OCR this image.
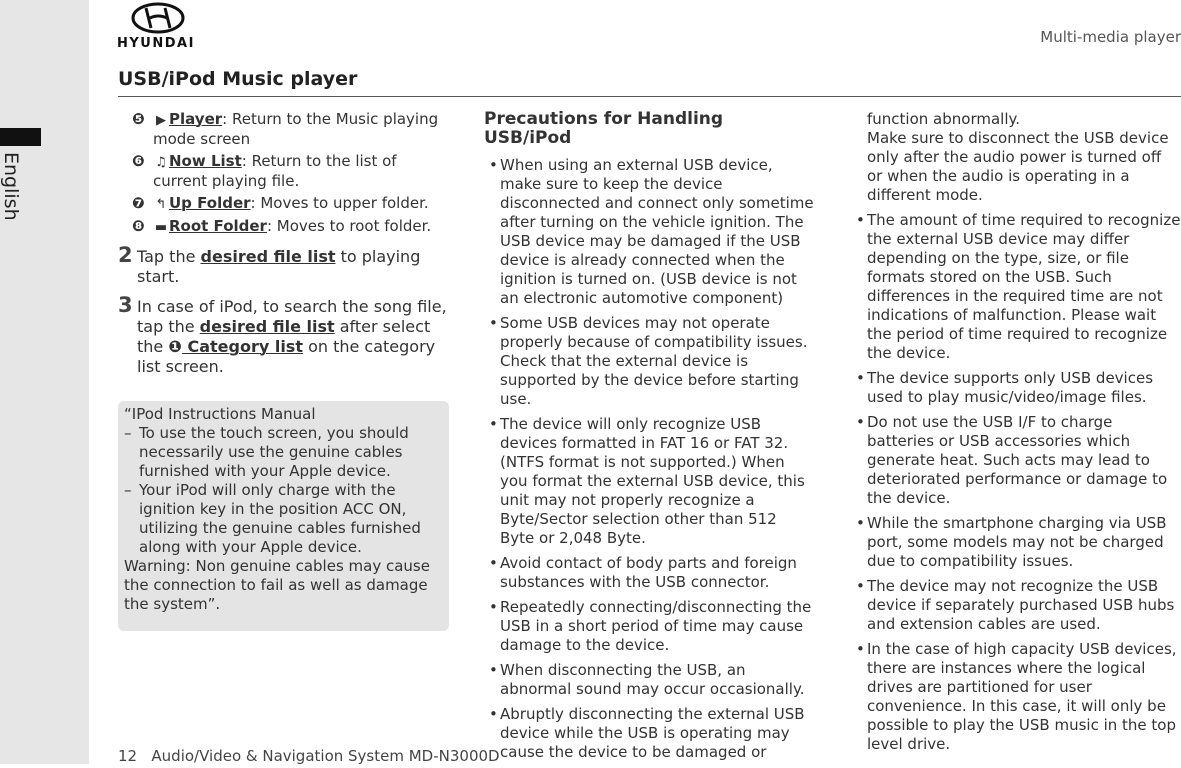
English
HYUNDAI	Multi-media player
USB/iPod Music player
❺ ▶ Player: Return to the Music playing mode screen
❻ ♫ Now List: Return to the list of current playing file.
❼ ↰ Up Folder: Moves to upper folder.
❽ ▬ Root Folder: Moves to root folder.
2 Tap the desired file list to playing start.
3 In case of iPod, to search the song file, tap the desired file list after select the ❶ Category list on the category list screen.
“IPod Instructions Manual
– To use the touch screen, you should necessarily use the genuine cables furnished with your Apple device.
– Your iPod will only charge with the ignition key in the position ACC ON, utilizing the genuine cables furnished along with your Apple device.
Warning: Non genuine cables may cause the connection to fail as well as damage the system”.
Precautions for Handling USB/iPod
• When using an external USB device, make sure to keep the device disconnected and connect only sometime after turning on the vehicle ignition. The USB device may be damaged if the USB device is already connected when the ignition is turned on. (USB device is not an electronic automotive component)
• Some USB devices may not operate properly because of compatibility issues. Check that the external device is supported by the device before starting use.
• The device will only recognize USB devices formatted in FAT 16 or FAT 32. (NTFS format is not supported.) When you format the external USB device, this unit may not properly recognize a Byte/Sector selection other than 512 Byte or 2,048 Byte.
• Avoid contact of body parts and foreign substances with the USB connector.
• Repeatedly connecting/disconnecting the USB in a short period of time may cause damage to the device.
• When disconnecting the USB, an abnormal sound may occur occasionally.
• Abruptly disconnecting the external USB device while the USB is operating may cause the device to be damaged or
function abnormally.
Make sure to disconnect the USB device only after the audio power is turned off or when the audio is operating in a different mode.
• The amount of time required to recognize the external USB device may differ depending on the type, size, or file formats stored on the USB. Such differences in the required time are not indications of malfunction. Please wait the period of time required to recognize the device.
• The device supports only USB devices used to play music/video/image files.
• Do not use the USB I/F to charge batteries or USB accessories which generate heat. Such acts may lead to deteriorated performance or damage to the device.
• While the smartphone charging via USB port, some models may not be charged due to compatibility issues.
• The device may not recognize the USB device if separately purchased USB hubs and extension cables are used.
• In the case of high capacity USB devices, there are instances where the logical drives are partitioned for user convenience. In this case, it will only be possible to play the USB music in the top level drive.
12 Audio/Video & Navigation System MD-N3000D
